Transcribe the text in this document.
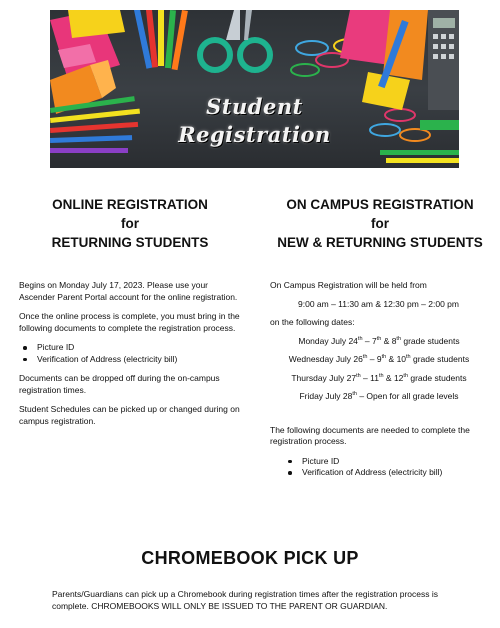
Student
Registration
ONLINE REGISTRATION
for
RETURNING STUDENTS

Begins on Monday July 17, 2023. Please use your Ascender Parent Portal account for the online registration.

Once the online process is complete, you must bring in the following documents to complete the registration process.

Picture ID
Verification of Address (electricity bill)

Documents can be dropped off during the on-campus registration times.

Student Schedules can be picked up or changed during on campus registration.

ON CAMPUS REGISTRATION
for
NEW & RETURNING STUDENTS

On Campus Registration will be held from

9:00 am – 11:30 am & 12:30 pm – 2:00 pm

on the following dates:

Monday July 24th – 7th & 8th grade students

Wednesday July 26th – 9th & 10th grade students

Thursday July 27th – 11th & 12th grade students

Friday July 28th – Open for all grade levels

The following documents are needed to complete the registration process.

Picture ID
Verification of Address (electricity bill)
CHROMEBOOK PICK UP
Parents/Guardians can pick up a Chromebook during registration times after the registration process is complete. CHROMEBOOKS WILL ONLY BE ISSUED TO THE PARENT OR GUARDIAN.
